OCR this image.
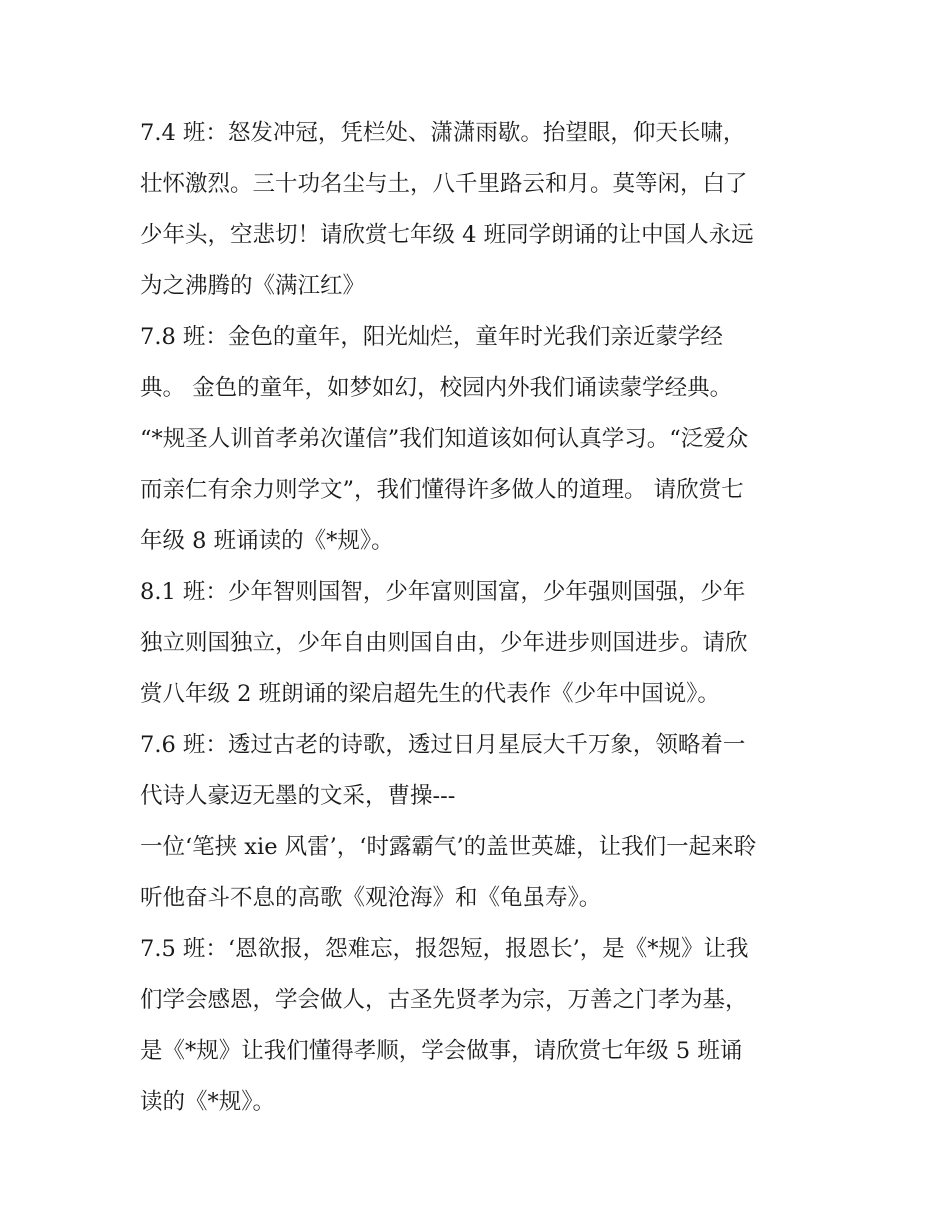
7.4 班：怒发冲冠，凭栏处、潇潇雨歇。抬望眼，仰天长啸，
壮怀激烈。三十功名尘与土，八千里路云和月。莫等闲，白了
少年头，空悲切！请欣赏七年级 4 班同学朗诵的让中国人永远
为之沸腾的《满江红》
7.8 班：金色的童年，阳光灿烂，童年时光我们亲近蒙学经
典。 金色的童年，如梦如幻，校园内外我们诵读蒙学经典。
“*规圣人训首孝弟次谨信”我们知道该如何认真学习。“泛爱众
而亲仁有余力则学文”，我们懂得许多做人的道理。 请欣赏七
年级 8 班诵读的《*规》。
8.1 班：少年智则国智，少年富则国富，少年强则国强，少年
独立则国独立，少年自由则国自由，少年进步则国进步。请欣
赏八年级 2 班朗诵的梁启超先生的代表作《少年中国说》。
7.6 班：透过古老的诗歌，透过日月星辰大千万象，领略着一
代诗人豪迈无墨的文采，曹操---
一位‘笔挟 xie 风雷’，‘时露霸气’的盖世英雄，让我们一起来聆
听他奋斗不息的高歌《观沧海》和《龟虽寿》。
7.5 班：‘恩欲报，怨难忘，报怨短，报恩长’，是《*规》让我
们学会感恩，学会做人，古圣先贤孝为宗，万善之门孝为基，
是《*规》让我们懂得孝顺，学会做事，请欣赏七年级 5 班诵
读的《*规》。
